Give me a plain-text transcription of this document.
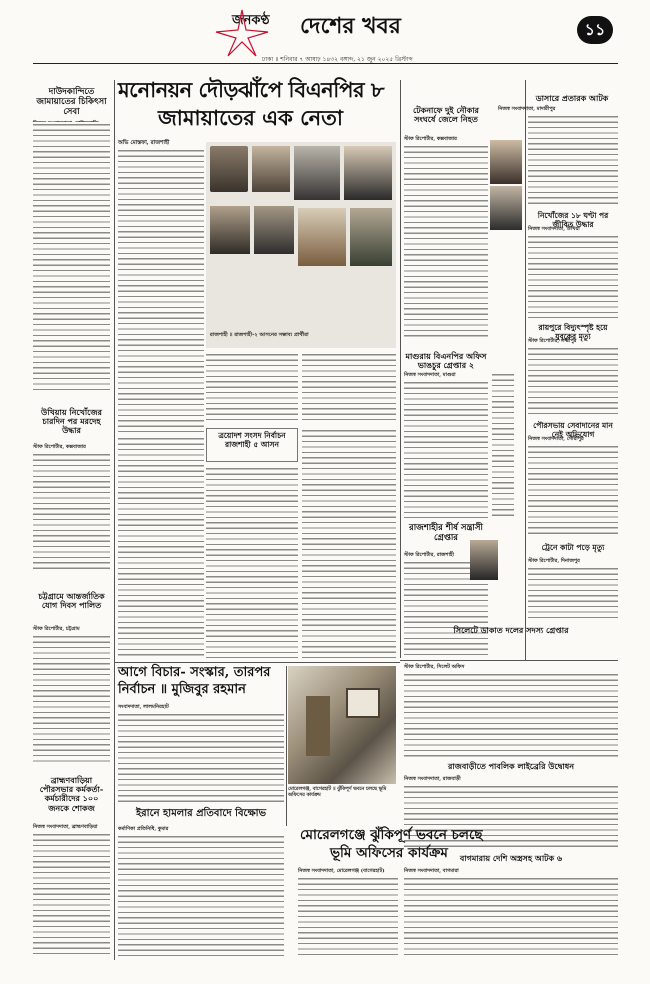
জনকণ্ঠ দেশের খবর	১১
ঢাকা ॥ শনিবার ৭ আষাঢ় ১৪৩২ বঙ্গাব্দ, ২১ জুন ২০২৫ খ্রিস্টাব্দ
দাউদকান্দিতে জামায়াতের চিকিৎসা সেবা
উখিয়ায় নিখোঁজের চারদিন পর মরদেহ উদ্ধার
স্টাফ রিপোর্টার, কক্সবাজার
চট্টগ্রামে আন্তর্জাতিক যোগ দিবস পালিত
স্টাফ রিপোর্টার, চট্টগ্রাম
ব্রাহ্মণবাড়িয়া পৌরসভার কর্মকর্তা-কর্মচারীদের ১০০ জনকে শোকজ
নিজস্ব সংবাদদাতা, ব্রাহ্মণবাড়িয়া
মনোনয়ন দৌড়ঝাঁপে বিএনপির ৮
জামায়াতের এক নেতা
অভি মোস্তফা, রাজশাহী
রাজশাহী ॥ রাজশাহী-২ আসনের সম্ভাব্য প্রার্থীরা
ত্রয়োদশ সংসদ নির্বাচন রাজশাহী ৫ আসন
টেকনাফে দুই নৌকার সংঘর্ষে জেলে নিহত
স্টাফ রিপোর্টার, কক্সবাজার
মাগুরায় বিএনপির অফিস ভাঙচুর গ্রেপ্তার ২
নিজস্ব সংবাদদাতা, মাগুরা
রাজশাহীর শীর্ষ সন্ত্রাসী গ্রেপ্তার
স্টাফ রিপোর্টার, রাজশাহী
ডাসারে প্রতারক আটক
নিজস্ব সংবাদদাতা, মাদারীপুর
নিখোঁজের ১৮ ঘণ্টা পর জীবিত উদ্ধার
নিজস্ব সংবাদদাতা, উখিয়া
রায়পুরে বিদ্যুৎস্পৃষ্ট হয়ে যুবকের মৃত্যু
স্টাফ রিপোর্টার, লক্ষ্মীপুর
পৌরসভায় সেবাদানের মান নেই অভিযোগ
নিজস্ব সংবাদদাতা, গৌরীপুর
ট্রেনে কাটা পড়ে মৃত্যু
স্টাফ রিপোর্টার, দিনাজপুর
সিলেটে ডাকাত দলের সদস্য গ্রেপ্তার
স্টাফ রিপোর্টার, সিলেট অফিস
রাজবাড়ীতে পাবলিক লাইব্রেরি উদ্বোধন
নিজস্ব সংবাদদাতা, রাজবাড়ী
বাগমারায় দেশি অস্ত্রসহ আটক ৬
নিজস্ব সংবাদদাতা, বাগমারা
আগে বিচার- সংস্কার, তারপর
নির্বাচন ॥ মুজিবুর রহমান
সংবাদদাতা, লালমনিরহাট
মোরেলগঞ্জ, বাগেরহাট ॥ ঝুঁকিপূর্ণ ভবনে চলছে ভূমি অফিসের কার্যক্রম
ইরানে হামলার প্রতিবাদে বিক্ষোভ
কৰ্মাণিকা প্রতিনিধি, কুমার	মোরেলগঞ্জে ঝুঁকিপূর্ণ ভবনে চলছে
ভূমি অফিসের কার্যক্রম
নিজস্ব সংবাদদাতা, মোরেলগঞ্জ (বাগেরহাট)
